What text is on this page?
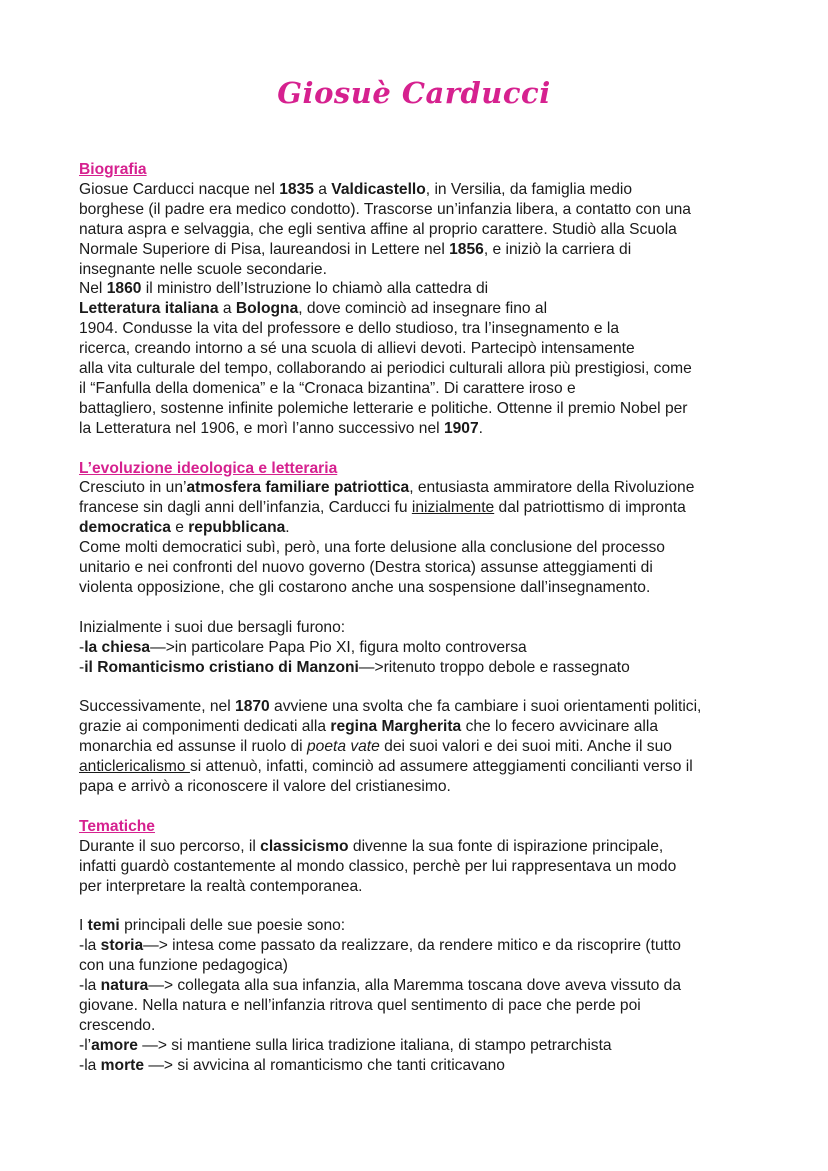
Giosuè Carducci
Biografia
Giosue Carducci nacque nel 1835 a Valdicastello, in Versilia, da famiglia medio
borghese (il padre era medico condotto). Trascorse un’infanzia libera, a contatto con una
natura aspra e selvaggia, che egli sentiva affine al proprio carattere. Studiò alla Scuola
Normale Superiore di Pisa, laureandosi in Lettere nel 1856, e iniziò la carriera di
insegnante nelle scuole secondarie.
Nel 1860 il ministro dell’Istruzione lo chiamò alla cattedra di
Letteratura italiana a Bologna, dove cominciò ad insegnare fino al
1904. Condusse la vita del professore e dello studioso, tra l’insegnamento e la
ricerca, creando intorno a sé una scuola di allievi devoti. Partecipò intensamente
alla vita culturale del tempo, collaborando ai periodici culturali allora più prestigiosi, come
il “Fanfulla della domenica” e la “Cronaca bizantina”. Di carattere iroso e
battagliero, sostenne infinite polemiche letterarie e politiche. Ottenne il premio Nobel per
la Letteratura nel 1906, e morì l’anno successivo nel 1907.
L’evoluzione ideologica e letteraria
Cresciuto in un’atmosfera familiare patriottica, entusiasta ammiratore della Rivoluzione
francese sin dagli anni dell’infanzia, Carducci fu inizialmente dal patriottismo di impronta
democratica e repubblicana.
Come molti democratici subì, però, una forte delusione alla conclusione del processo
unitario e nei confronti del nuovo governo (Destra storica) assunse atteggiamenti di
violenta opposizione, che gli costarono anche una sospensione dall’insegnamento.
Inizialmente i suoi due bersagli furono:
-la chiesa—>in particolare Papa Pio XI, figura molto controversa
-il Romanticismo cristiano di Manzoni—>ritenuto troppo debole e rassegnato
Successivamente, nel 1870 avviene una svolta che fa cambiare i suoi orientamenti politici,
grazie ai componimenti dedicati alla regina Margherita che lo fecero avvicinare alla
monarchia ed assunse il ruolo di poeta vate dei suoi valori e dei suoi miti. Anche il suo
anticlericalismo si attenuò, infatti, cominciò ad assumere atteggiamenti concilianti verso il
papa e arrivò a riconoscere il valore del cristianesimo.
Tematiche
Durante il suo percorso, il classicismo divenne la sua fonte di ispirazione principale,
infatti guardò costantemente al mondo classico, perchè per lui rappresentava un modo
per interpretare la realtà contemporanea.
I temi principali delle sue poesie sono:
-la storia—> intesa come passato da realizzare, da rendere mitico e da riscoprire (tutto
con una funzione pedagogica)
-la natura—> collegata alla sua infanzia, alla Maremma toscana dove aveva vissuto da
giovane. Nella natura e nell’infanzia ritrova quel sentimento di pace che perde poi
crescendo.
-l’amore —> si mantiene sulla lirica tradizione italiana, di stampo petrarchista
-la morte —> si avvicina al romanticismo che tanti criticavano
